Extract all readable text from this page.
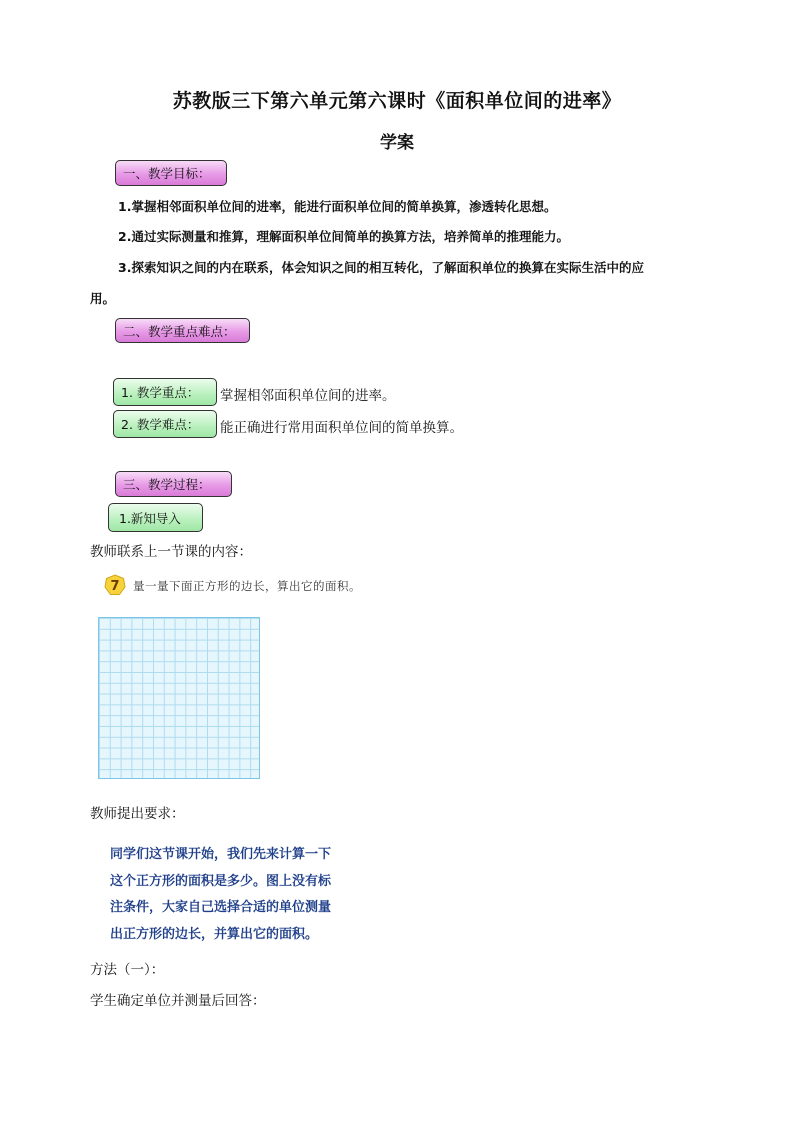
苏教版三下第六单元第六课时《面积单位间的进率》
学案
一、教学目标：
1.掌握相邻面积单位间的进率，能进行面积单位间的简单换算，渗透转化思想。
2.通过实际测量和推算，理解面积单位间简单的换算方法，培养简单的推理能力。
3.探索知识之间的内在联系，体会知识之间的相互转化，了解面积单位的换算在实际生活中的应
用。
二、教学重点难点：
1. 教学重点：	掌握相邻面积单位间的进率。
2. 教学难点：	能正确进行常用面积单位间的简单换算。
三、教学过程：
1.新知导入
教师联系上一节课的内容：
7 量一量下面正方形的边长，算出它的面积。
教师提出要求：
同学们这节课开始，我们先来计算一下
这个正方形的面积是多少。图上没有标
注条件，大家自己选择合适的单位测量
出正方形的边长，并算出它的面积。
方法（一）：
学生确定单位并测量后回答：
